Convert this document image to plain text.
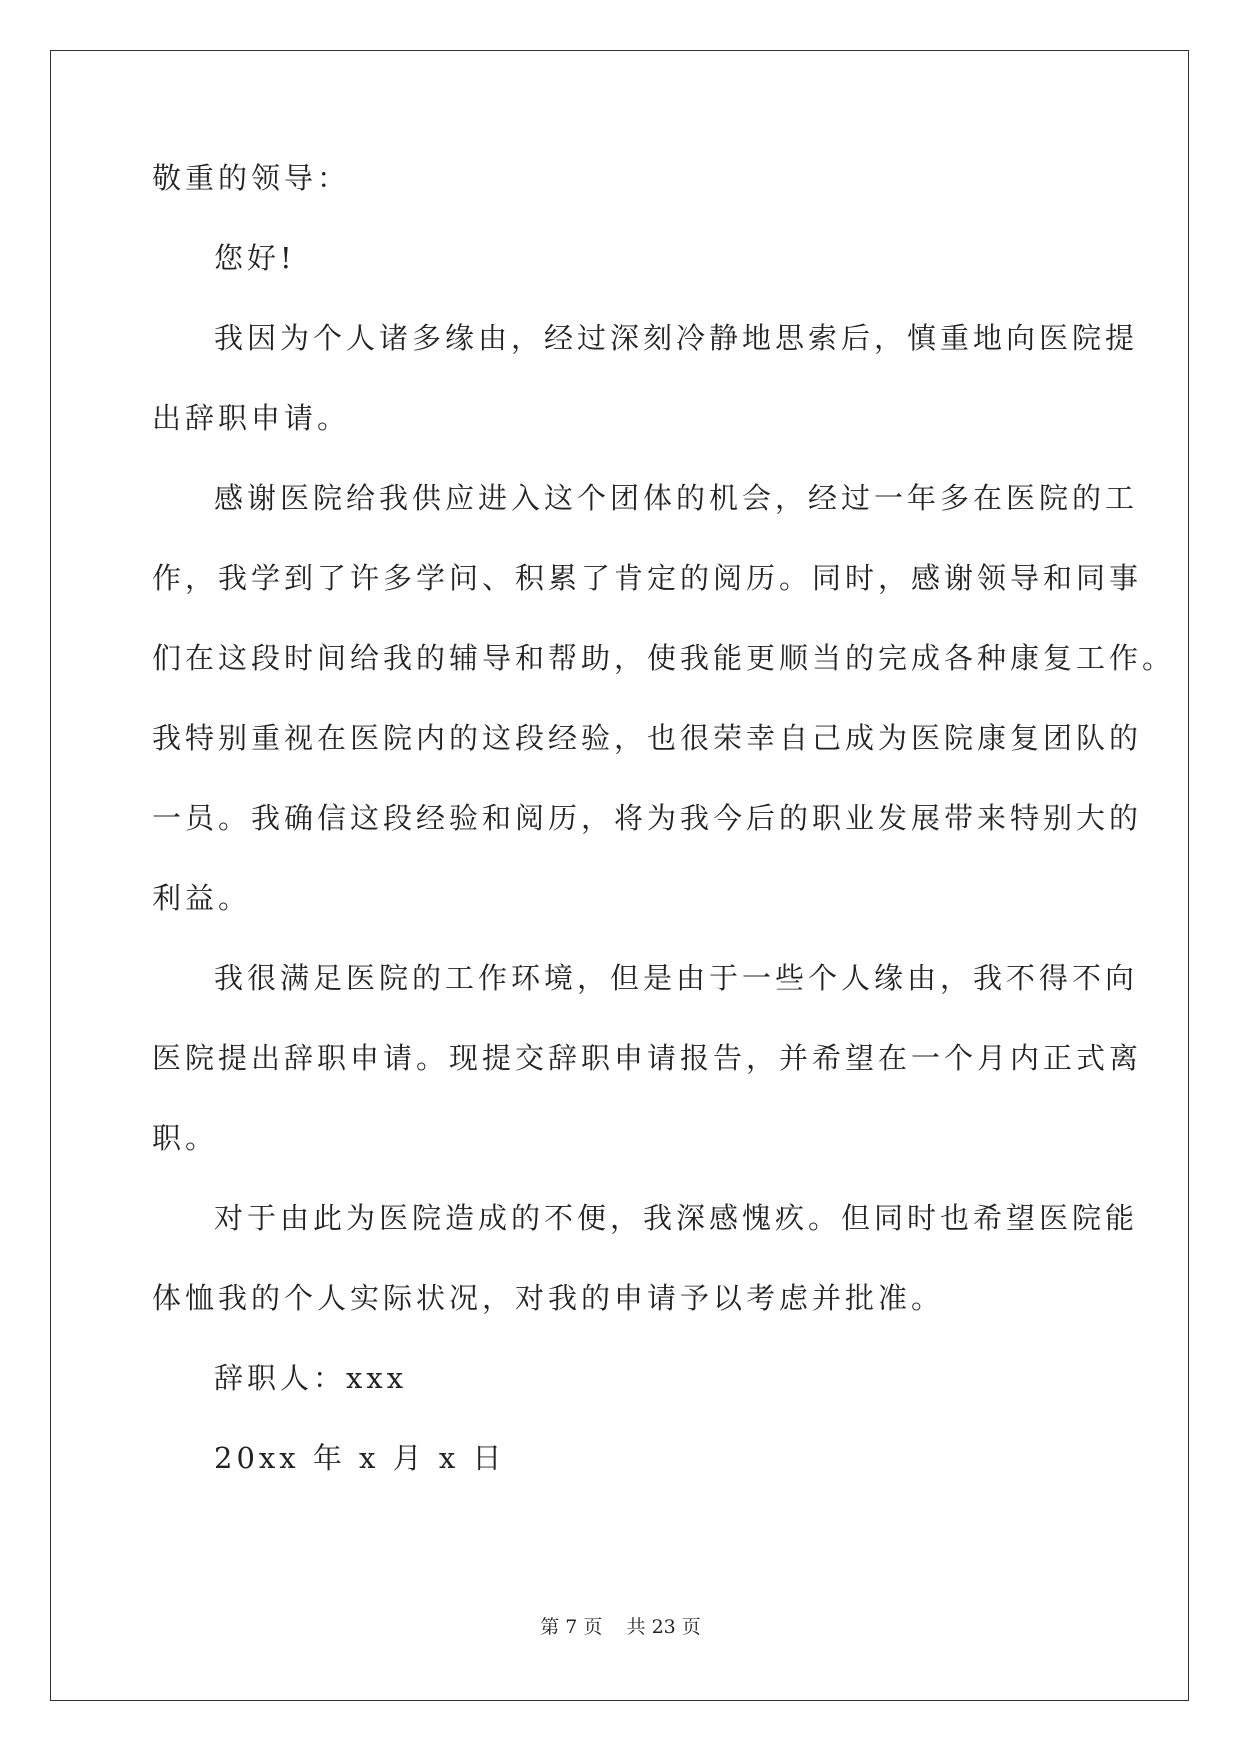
敬重的领导：
您好!
我因为个人诸多缘由，经过深刻冷静地思索后，慎重地向医院提
出辞职申请。
感谢医院给我供应进入这个团体的机会，经过一年多在医院的工
作，我学到了许多学问、积累了肯定的阅历。同时，感谢领导和同事
们在这段时间给我的辅导和帮助，使我能更顺当的完成各种康复工作。
我特别重视在医院内的这段经验，也很荣幸自己成为医院康复团队的
一员。我确信这段经验和阅历，将为我今后的职业发展带来特别大的
利益。
我很满足医院的工作环境，但是由于一些个人缘由，我不得不向
医院提出辞职申请。现提交辞职申请报告，并希望在一个月内正式离
职。
对于由此为医院造成的不便，我深感愧疚。但同时也希望医院能
体恤我的个人实际状况，对我的申请予以考虑并批准。
辞职人：xxx
20xx 年 x 月 x 日
第 7 页    共 23 页
